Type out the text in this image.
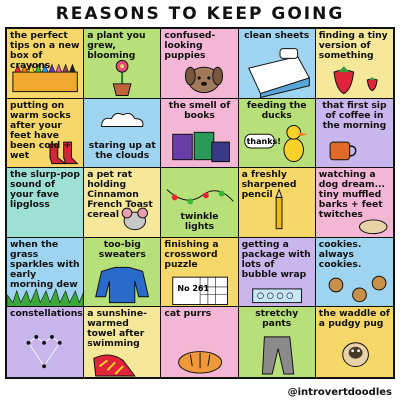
REASONS TO KEEP GOING
the perfect tips on a new box of crayons
a plant you grew, blooming
confused-looking puppies
clean sheets finding a tiny version of something
putting on warm socks after your feet have been cold + wet
staring up at the clouds
the smell of books
feeding the ducks
thanks!
that first sip of coffee in the morning
the slurp-pop sound of your fave lipgloss
a pet rat holding Cinnamon French Toast cereal	twinkle lights
a freshly sharpened pencil
watching a dog dream... tiny muffled barks + feet twitches
when the grass sparkles with early morning dew
too-big sweaters
finishing a crossword puzzle
No 261
getting a package with lots of bubble wrap
cookies. always cookies.
constellations a sunshine-warmed towel after swimming
cat purrs	stretchy pants
the waddle of a pudgy pug
@introvertdoodles
